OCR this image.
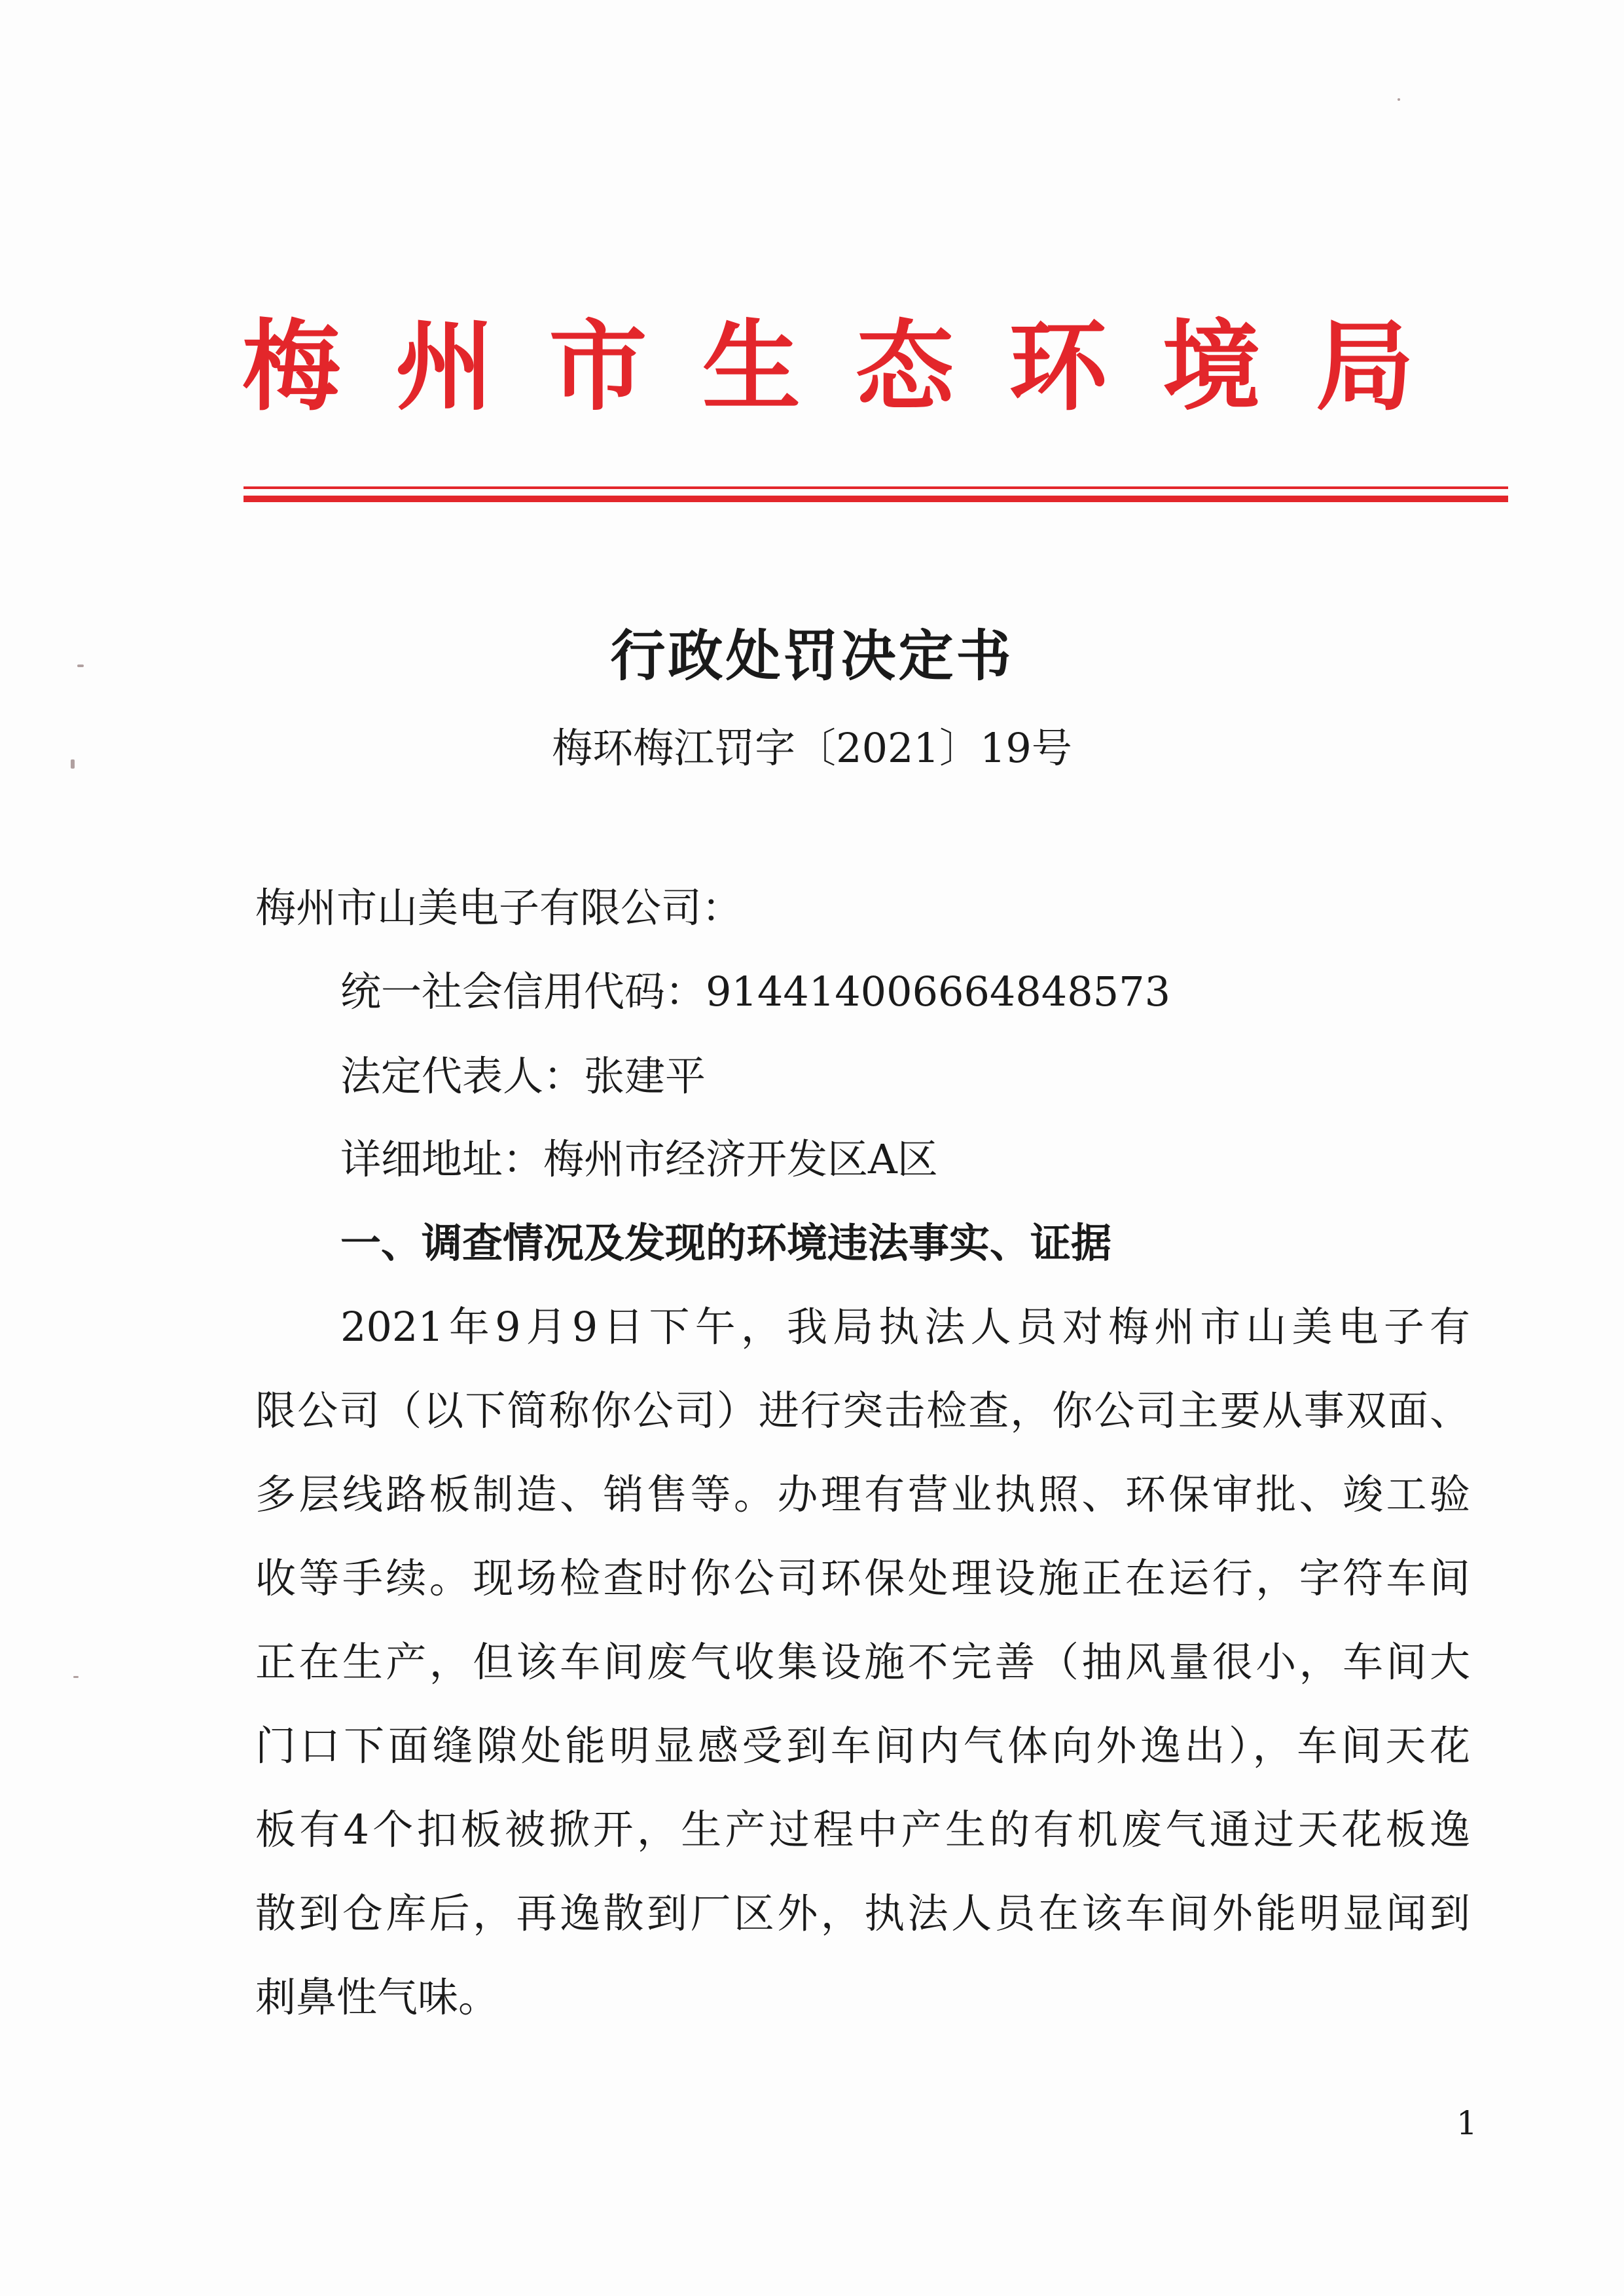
梅 州 市 生 态 环 境 局
行政处罚决定书
梅环梅江罚字〔2021〕19号
梅州市山美电子有限公司：
统一社会信用代码：914414006664848573
法定代表人：张建平
详细地址：梅州市经济开发区A区
一、调查情况及发现的环境违法事实、证据
2021年9月9日下午，我局执法人员对梅州市山美电子有
限公司（以下简称你公司）进行突击检查，你公司主要从事双面、
多层线路板制造、销售等。办理有营业执照、环保审批、竣工验
收等手续。现场检查时你公司环保处理设施正在运行，字符车间
正在生产，但该车间废气收集设施不完善（抽风量很小，车间大
门口下面缝隙处能明显感受到车间内气体向外逸出），车间天花
板有4个扣板被掀开，生产过程中产生的有机废气通过天花板逸
散到仓库后，再逸散到厂区外，执法人员在该车间外能明显闻到
刺鼻性气味。
1
